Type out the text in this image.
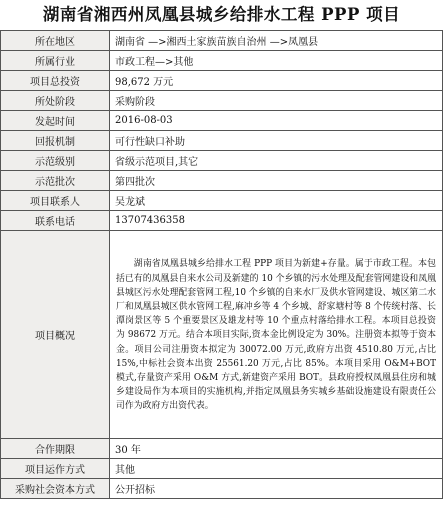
湖南省湘西州凤凰县城乡给排水工程 PPP 项目
所在地区	湖南省 —>湘西土家族苗族自治州 —>凤凰县
所属行业	市政工程—>其他
项目总投资	98,672 万元
所处阶段	采购阶段
发起时间	2016-08-03
回报机制	可行性缺口补助
示范级别	省级示范项目,其它
示范批次	第四批次
项目联系人	吴龙斌
联系电话	13707436358
项目概况	湖南省凤凰县城乡给排水工程 PPP 项目为新建+存量。属于市政工程。本包括已有的凤凰县自来水公司及新建的 10 个乡镇的污水处理及配套管网建设和凤凰县城区污水处理配套管网工程,10 个乡镇的自来水厂及供水管网建设、城区第二水厂和凤凰县城区供水管网工程,麻冲乡等 4 个乡城、舒家塘村等 8 个传统村落、长潭岗景区等 5 个重要景区及雄龙村等 10 个重点村落给排水工程。本项目总投资为 98672 万元。结合本项目实际,资本金比例设定为 30%。注册资本拟等于资本金。项目公司注册资本拟定为 30072.00 万元,政府方出资 4510.80 万元,占比 15%,中标社会资本出资 25561.20 万元,占比 85%。本项目采用 O&M+BOT 模式,存量资产采用 O&M 方式,新建资产采用 BOT。县政府授权凤凰县住房和城乡建设局作为本项目的实施机构,并指定凤凰县务实城乡基础设施建设有限责任公司作为政府方出资代表。
合作期限	30 年
项目运作方式	其他
采购社会资本方式	公开招标
